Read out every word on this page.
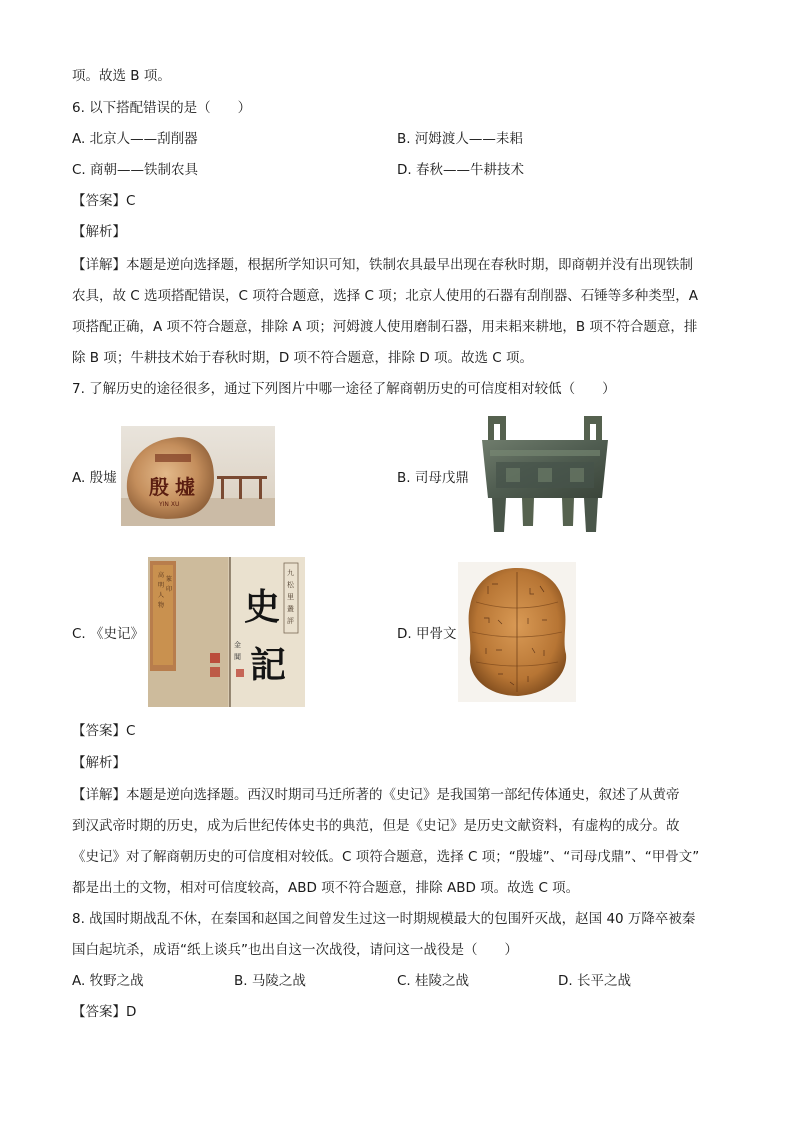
项。故选 B 项。
6. 以下搭配错误的是（　　）
A. 北京人——刮削器	B. 河姆渡人——耒耜
C. 商朝——铁制农具	D. 春秋——牛耕技术
【答案】C
【解析】
【详解】本题是逆向选择题，根据所学知识可知，铁制农具最早出现在春秋时期，即商朝并没有出现铁制
农具，故 C 选项搭配错误，C 项符合题意，选择 C 项；北京人使用的石器有刮削器、石锤等多种类型，A
项搭配正确，A 项不符合题意，排除 A 项；河姆渡人使用磨制石器，用耒耜来耕地，B 项不符合题意，排
除 B 项；牛耕技术始于春秋时期，D 项不符合题意，排除 D 项。故选 C 项。
7. 了解历史的途径很多，通过下列图片中哪一途径了解商朝历史的可信度相对较低（　　）
A. 殷墟 殷 墟
YIN XU
B. 司母戊鼎
C. 《史记》
高
明
人
物
篆
印
九
松
里
叢
評
史
記
金
閶
D. 甲骨文
【答案】C
【解析】
【详解】本题是逆向选择题。西汉时期司马迁所著的《史记》是我国第一部纪传体通史，叙述了从黄帝
到汉武帝时期的历史，成为后世纪传体史书的典范，但是《史记》是历史文献资料，有虚构的成分。故
《史记》对了解商朝历史的可信度相对较低。C 项符合题意，选择 C 项；“殷墟”、“司母戊鼎”、“甲骨文”
都是出土的文物，相对可信度较高，ABD 项不符合题意，排除 ABD 项。故选 C 项。
8. 战国时期战乱不休，在秦国和赵国之间曾发生过这一时期规模最大的包围歼灭战，赵国 40 万降卒被秦
国白起坑杀，成语“纸上谈兵”也出自这一次战役，请问这一战役是（　　）
A. 牧野之战	B. 马陵之战	C. 桂陵之战	D. 长平之战
【答案】D
